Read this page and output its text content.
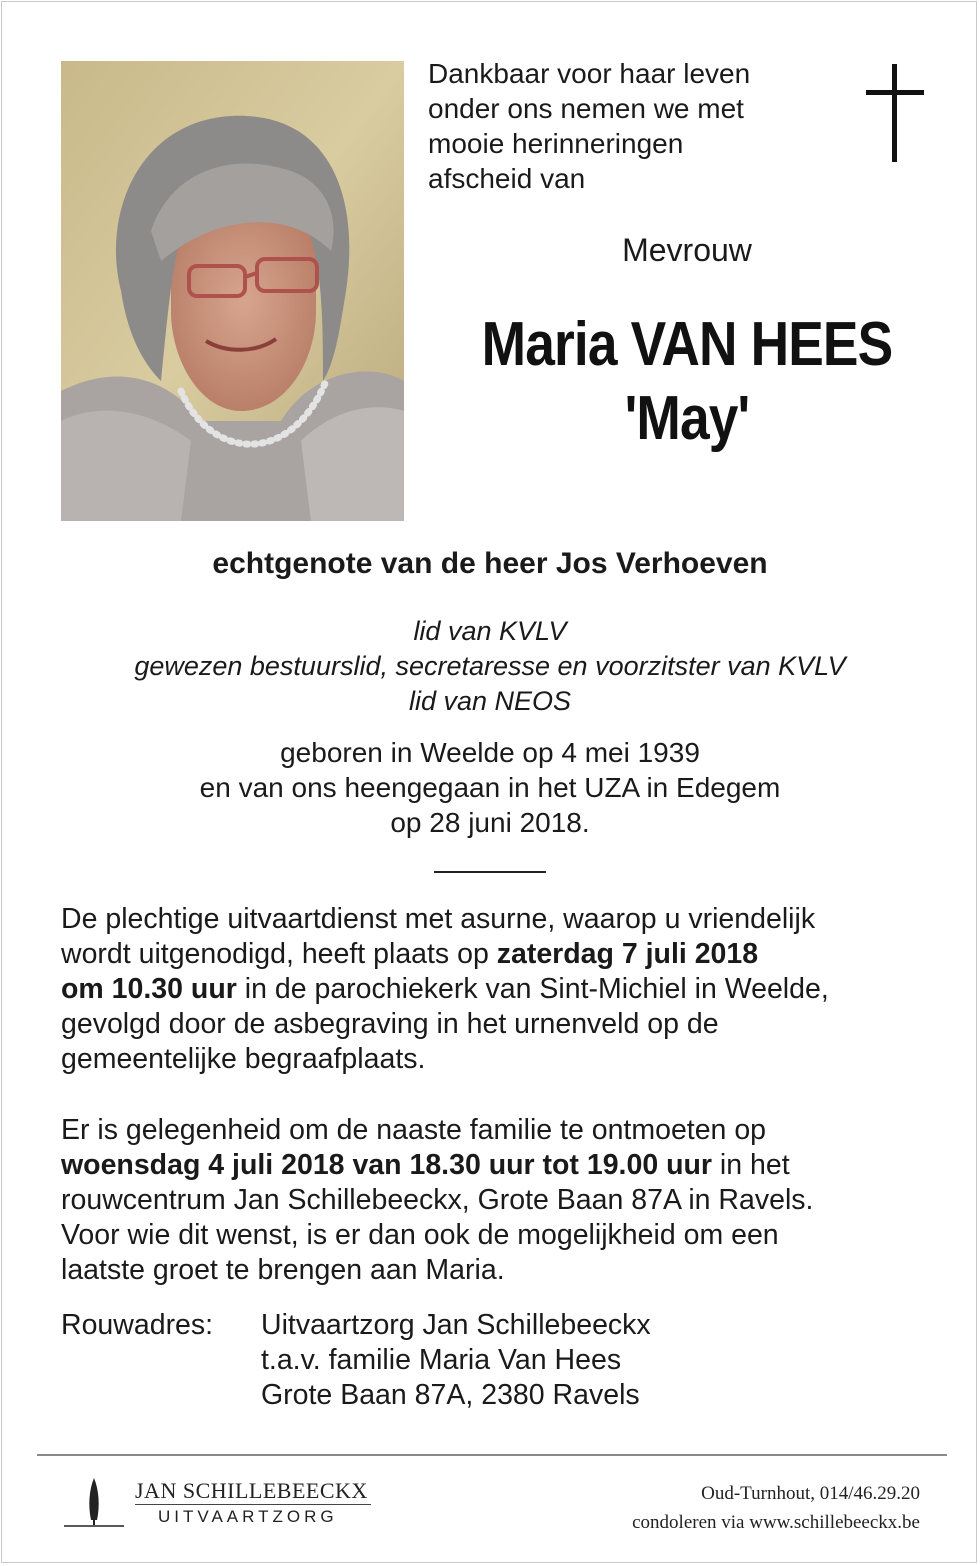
Dankbaar voor haar leven
onder ons nemen we met
mooie herinneringen
afscheid van
Mevrouw
Maria VAN HEES
'May'
echtgenote van de heer Jos Verhoeven
lid van KVLV
gewezen bestuurslid, secretaresse en voorzitster van KVLV
lid van NEOS
geboren in Weelde op 4 mei 1939
en van ons heengegaan in het UZA in Edegem
op 28 juni 2018.
De plechtige uitvaartdienst met asurne, waarop u vriendelijk
wordt uitgenodigd, heeft plaats op zaterdag 7 juli 2018
om 10.30 uur in de parochiekerk van Sint-Michiel in Weelde,
gevolgd door de asbegraving in het urnenveld op de
gemeentelijke begraafplaats.
Er is gelegenheid om de naaste familie te ontmoeten op
woensdag 4 juli 2018 van 18.30 uur tot 19.00 uur in het
rouwcentrum Jan Schillebeeckx, Grote Baan 87A in Ravels.
Voor wie dit wenst, is er dan ook de mogelijkheid om een
laatste groet te brengen aan Maria.
Rouwadres: Uitvaartzorg Jan Schillebeeckx
t.a.v. familie Maria Van Hees
Grote Baan 87A, 2380 Ravels
JAN SCHILLEBEECKX
UITVAARTZORG
Oud-Turnhout, 014/46.29.20
condoleren via www.schillebeeckx.be
